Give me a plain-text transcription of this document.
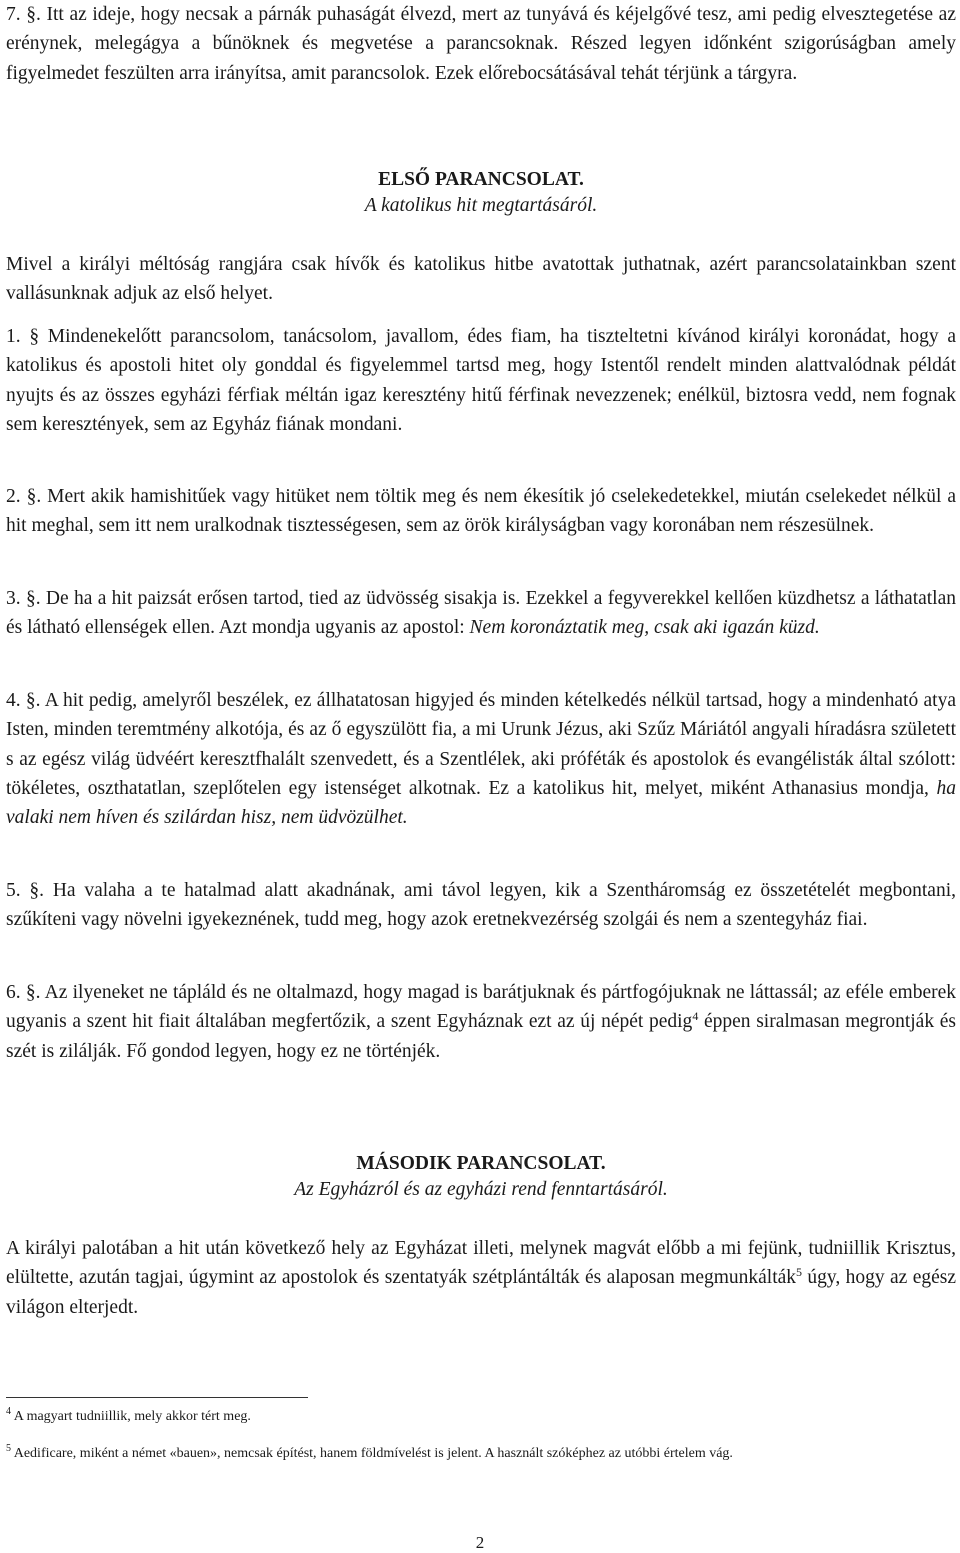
7. §. Itt az ideje, hogy necsak a párnák puhaságát élvezd, mert az tunyává és kéjelgővé tesz, ami pedig elvesztegetése az erénynek, melegágya a bűnöknek és megvetése a parancsoknak. Részed legyen időnként szigorúságban amely figyelmedet feszülten arra irányítsa, amit parancsolok. Ezek előrebocsátásával tehát térjünk a tárgyra.

ELSŐ PARANCSOLAT.
A katolikus hit megtartásáról.

Mivel a királyi méltóság rangjára csak hívők és katolikus hitbe avatottak juthatnak, azért parancsolatainkban szent vallásunknak adjuk az első helyet.

1. § Mindenekelőtt parancsolom, tanácsolom, javallom, édes fiam, ha tiszteltetni kívánod királyi koronádat, hogy a katolikus és apostoli hitet oly gonddal és figyelemmel tartsd meg, hogy Istentől rendelt minden alattvalódnak példát nyujts és az összes egyházi férfiak méltán igaz keresztény hitű férfinak nevezzenek; enélkül, biztosra vedd, nem fognak sem keresztények, sem az Egyház fiának mondani.

2. §. Mert akik hamishitűek vagy hitüket nem töltik meg és nem ékesítik jó cselekedetekkel, miután cselekedet nélkül a hit meghal, sem itt nem uralkodnak tisztességesen, sem az örök királyságban vagy koronában nem részesülnek.

3. §. De ha a hit paizsát erősen tartod, tied az üdvösség sisakja is. Ezekkel a fegyverekkel kellően küzdhetsz a láthatatlan és látható ellenségek ellen. Azt mondja ugyanis az apostol: Nem koronáztatik meg, csak aki igazán küzd.

4. §. A hit pedig, amelyről beszélek, ez állhatatosan higyjed és minden kételkedés nélkül tartsad, hogy a mindenható atya Isten, minden teremtmény alkotója, és az ő egyszülött fia, a mi Urunk Jézus, aki Szűz Máriától angyali híradásra született s az egész világ üdvéért keresztfhalált szenvedett, és a Szentlélek, aki próféták és apostolok és evangélisták által szólott: tökéletes, oszthatatlan, szeplőtelen egy istenséget alkotnak. Ez a katolikus hit, melyet, miként Athanasius mondja, ha valaki nem híven és szilárdan hisz, nem üdvözülhet.

5. §. Ha valaha a te hatalmad alatt akadnának, ami távol legyen, kik a Szentháromság ez összetételét megbontani, szűkíteni vagy növelni igyekeznének, tudd meg, hogy azok eretnekvezérség szolgái és nem a szentegyház fiai.

6. §. Az ilyeneket ne tápláld és ne oltalmazd, hogy magad is barátjuknak és pártfogójuknak ne láttassál; az eféle emberek ugyanis a szent hit fiait általában megfertőzik, a szent Egyháznak ezt az új népét pedig$^4$ éppen siralmasan megrontják és szét is zilálják. Fő gondod legyen, hogy ez ne történjék.

MÁSODIK PARANCSOLAT.
Az Egyházról és az egyházi rend fenntartásáról.

A királyi palotában a hit után következő hely az Egyházat illeti, melynek magvát előbb a mi fejünk, tudniillik Krisztus, elültette, azután tagjai, úgymint az apostolok és szentatyák szétplántálták és alaposan megmunkálták$^5$ úgy, hogy az egész világon elterjedt.

$^4$ A magyart tudniillik, mely akkor tért meg.

$^5$ Aedificare, miként a német «bauen», nemcsak építést, hanem földmívelést is jelent. A használt szóképhez az utóbbi értelem vág.

2
